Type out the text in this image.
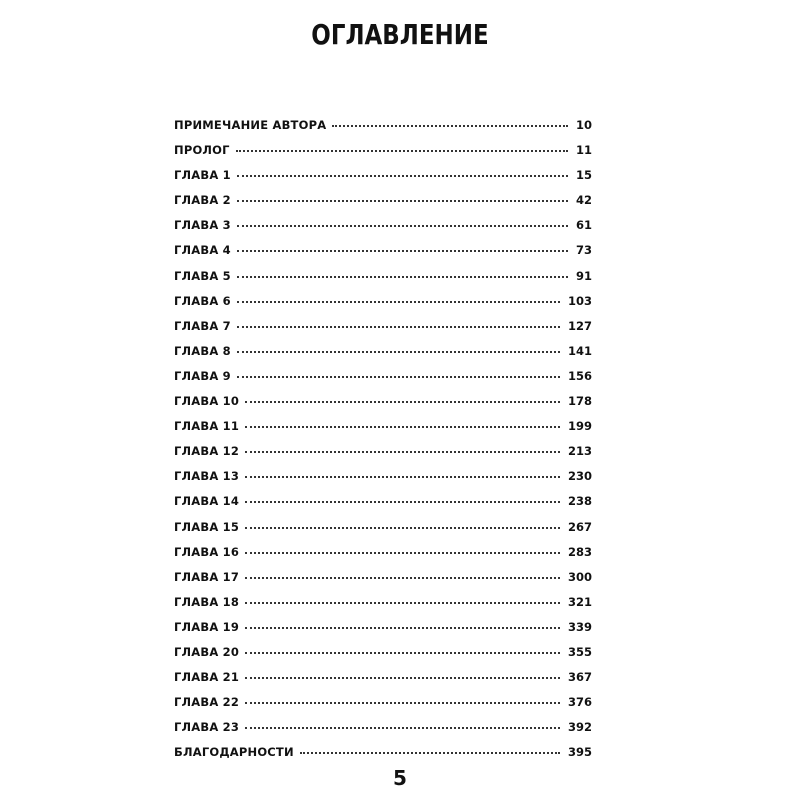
ОГЛАВЛЕНИЕ
ПРИМЕЧАНИЕ АВТОРА	10
ПРОЛОГ	11
ГЛАВА 1	15
ГЛАВА 2	42
ГЛАВА 3	61
ГЛАВА 4	73
ГЛАВА 5	91
ГЛАВА 6	103
ГЛАВА 7	127
ГЛАВА 8	141
ГЛАВА 9	156
ГЛАВА 10	178
ГЛАВА 11	199
ГЛАВА 12	213
ГЛАВА 13	230
ГЛАВА 14	238
ГЛАВА 15	267
ГЛАВА 16	283
ГЛАВА 17	300
ГЛАВА 18	321
ГЛАВА 19	339
ГЛАВА 20	355
ГЛАВА 21	367
ГЛАВА 22	376
ГЛАВА 23	392
БЛАГОДАРНОСТИ	395
5
